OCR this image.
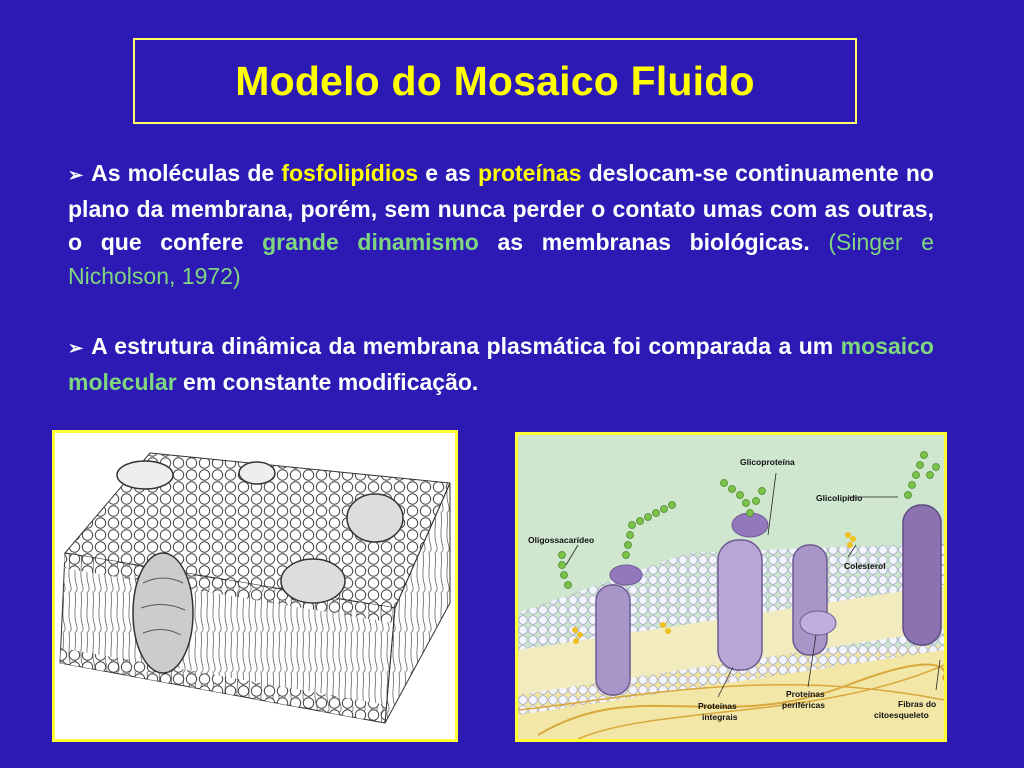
Modelo do Mosaico Fluido
➢ As moléculas de fosfolipídios e as proteínas deslocam-se continuamente no plano da membrana, porém, sem nunca perder o contato umas com as outras, o que confere grande dinamismo as membranas biológicas. (Singer e Nicholson, 1972)
➢ A estrutura dinâmica da membrana plasmática foi comparada a um mosaico molecular em constante modificação.
Glicoproteína
Glicolipídio
Oligossacarídeo
Colesterol
Proteínas
integrais
Proteínas
periféricas	Fibras do
citoesqueleto
